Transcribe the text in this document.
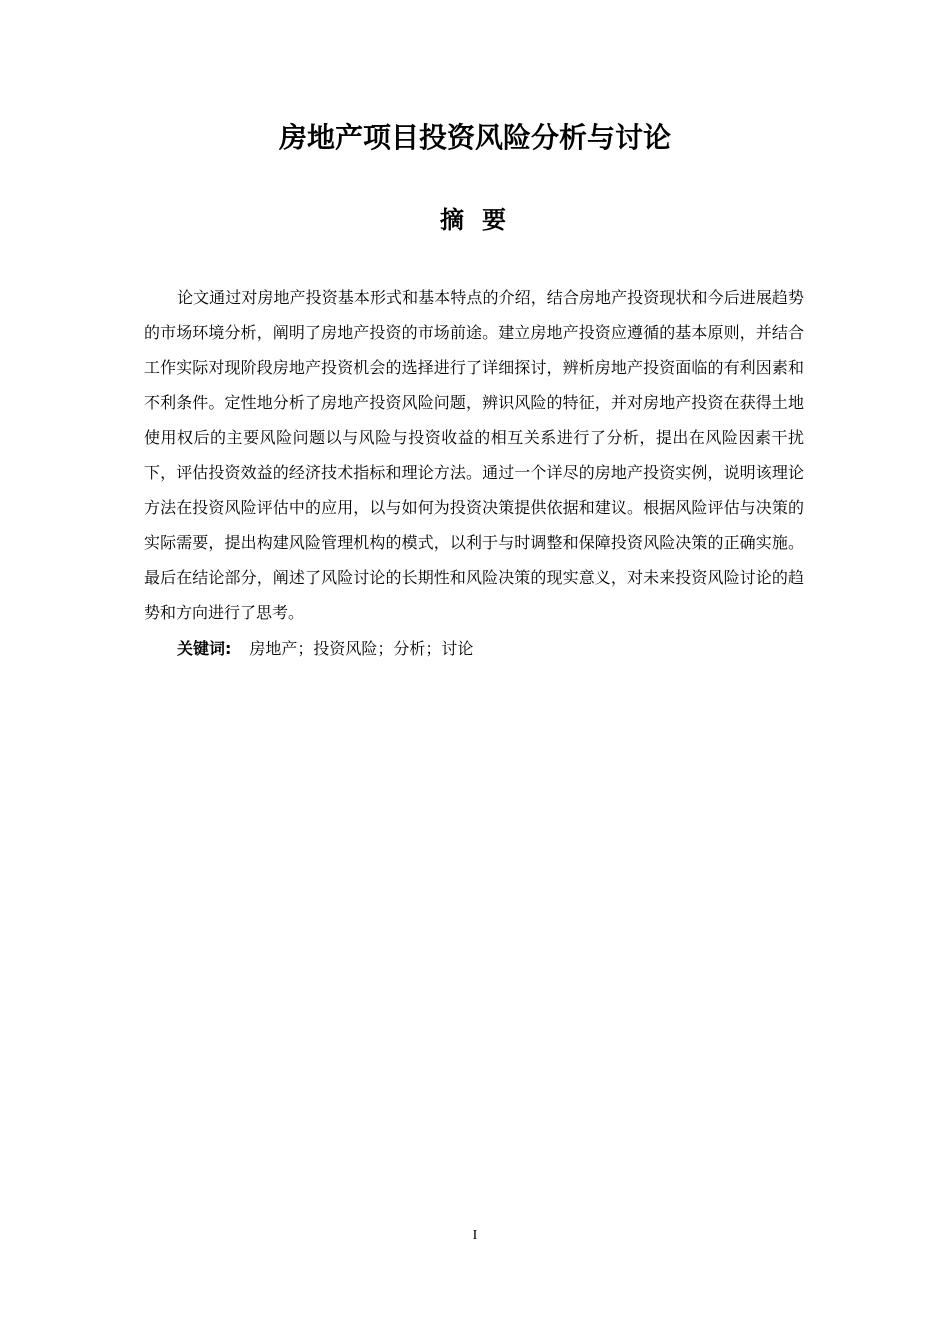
房地产项目投资风险分析与讨论
摘要

论文通过对房地产投资基本形式和基本特点的介绍，结合房地产投资现状和今后进展趋势的市场环境分析，阐明了房地产投资的市场前途。建立房地产投资应遵循的基本原则，并结合工作实际对现阶段房地产投资机会的选择进行了详细探讨，辨析房地产投资面临的有利因素和不利条件。定性地分析了房地产投资风险问题，辨识风险的特征，并对房地产投资在获得土地使用权后的主要风险问题以与风险与投资收益的相互关系进行了分析，提出在风险因素干扰下，评估投资效益的经济技术指标和理论方法。通过一个详尽的房地产投资实例，说明该理论方法在投资风险评估中的应用，以与如何为投资决策提供依据和建议。根据风险评估与决策的实际需要，提出构建风险管理机构的模式，以利于与时调整和保障投资风险决策的正确实施。最后在结论部分，阐述了风险讨论的长期性和风险决策的现实意义，对未来投资风险讨论的趋势和方向进行了思考。

关键词: 房地产；投资风险；分析；讨论

I
